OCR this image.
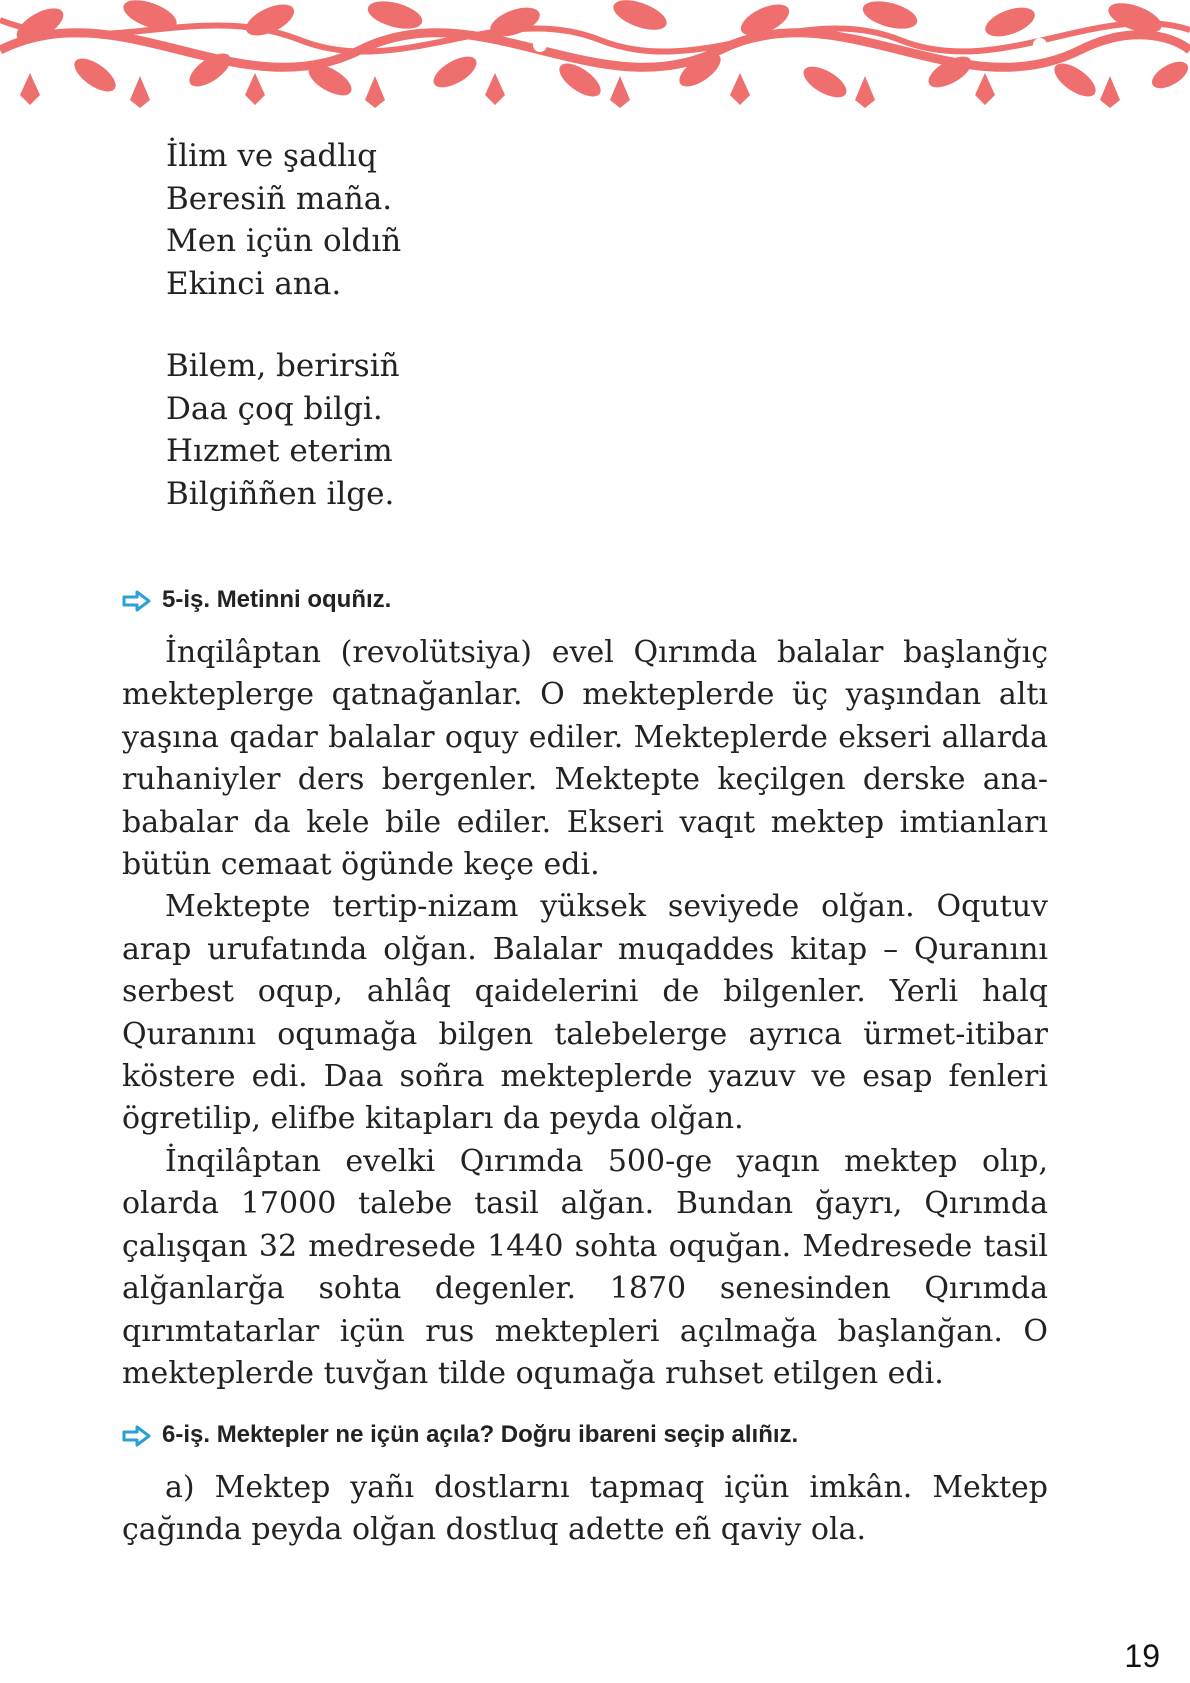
İlim ve şadlıq
Beresiñ maña.
Men içün oldıñ
Ekinci ana.
Bilem, berirsiñ
Daa çoq bilgi.
Hızmet eterim
Bilgiññen ilge.
5-iş. Metinni oquñız.

İnqilâptan (revolütsiya) evel Qırımda balalar başlanğıç mekteplerge qatnağanlar. O mekteplerde üç yaşından altı yaşına qadar balalar oquy ediler. Mekteplerde ekseri allarda ruhaniyler ders bergenler. Mektepte keçilgen derske ana-babalar da kele bile ediler. Ekseri vaqıt mektep imtianları bütün cemaat ögünde keçe edi.

Mektepte tertip-nizam yüksek seviyede olğan. Oqutuv arap urufatında olğan. Balalar muqaddes kitap – Quranını serbest oqup, ahlâq qaidelerini de bilgenler. Yerli halq Quranını oqumağa bilgen talebelerge ayrıca ürmet-itibar köstere edi. Daa soñra mekteplerde yazuv ve esap fenleri ögretilip, elifbe kitapları da peyda olğan.

İnqilâptan evelki Qırımda 500-ge yaqın mektep olıp, olarda 17000 talebe tasil alğan. Bundan ğayrı, Qırımda çalışqan 32 medresede 1440 sohta oquğan. Medresede tasil alğanlarğa sohta degenler. 1870 senesinden Qırımda qırımtatarlar içün rus mektepleri açılmağa başlanğan. O mekteplerde tuvğan tilde oqumağa ruhset etilgen edi.

6-iş. Mektepler ne içün açıla? Doğru ibareni seçip alıñız.

a) Mektep yañı dostlarnı tapmaq içün imkân. Mektep çağında peyda olğan dostluq adette eñ qaviy ola.

19
